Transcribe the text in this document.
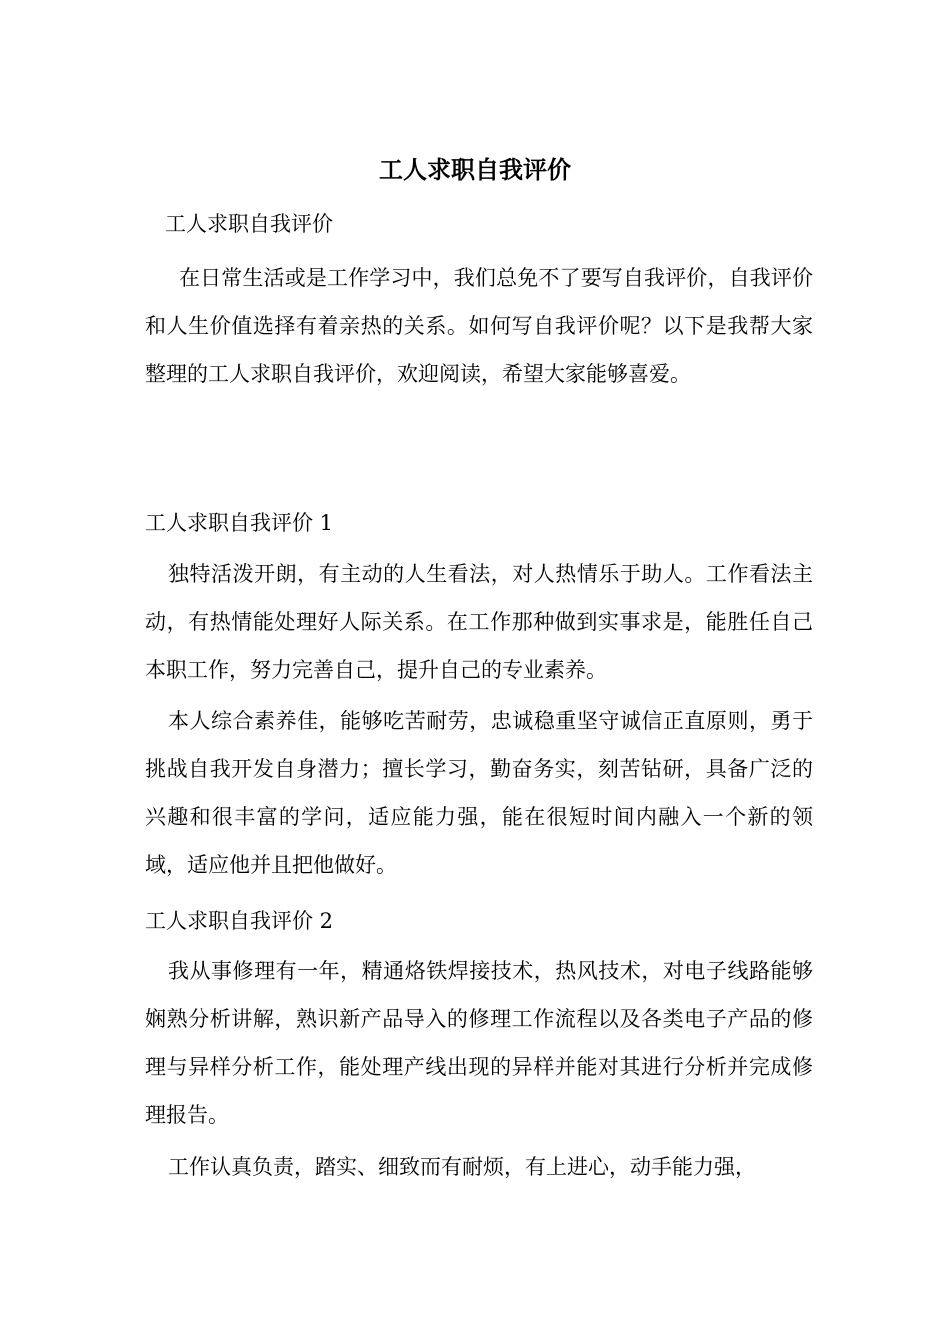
工人求职自我评价
工人求职自我评价
在日常生活或是工作学习中，我们总免不了要写自我评价，自我评价和人生价值选择有着亲热的关系。如何写自我评价呢？以下是我帮大家整理的工人求职自我评价，欢迎阅读，希望大家能够喜爱。
工人求职自我评价 1
独特活泼开朗，有主动的人生看法，对人热情乐于助人。工作看法主动，有热情能处理好人际关系。在工作那种做到实事求是，能胜任自己本职工作，努力完善自己，提升自己的专业素养。
本人综合素养佳，能够吃苦耐劳，忠诚稳重坚守诚信正直原则，勇于挑战自我开发自身潜力；擅长学习，勤奋务实，刻苦钻研，具备广泛的兴趣和很丰富的学问，适应能力强，能在很短时间内融入一个新的领域，适应他并且把他做好。
工人求职自我评价 2
我从事修理有一年，精通烙铁焊接技术，热风技术，对电子线路能够娴熟分析讲解，熟识新产品导入的修理工作流程以及各类电子产品的修理与异样分析工作，能处理产线出现的异样并能对其进行分析并完成修理报告。
工作认真负责，踏实、细致而有耐烦，有上进心，动手能力强，
